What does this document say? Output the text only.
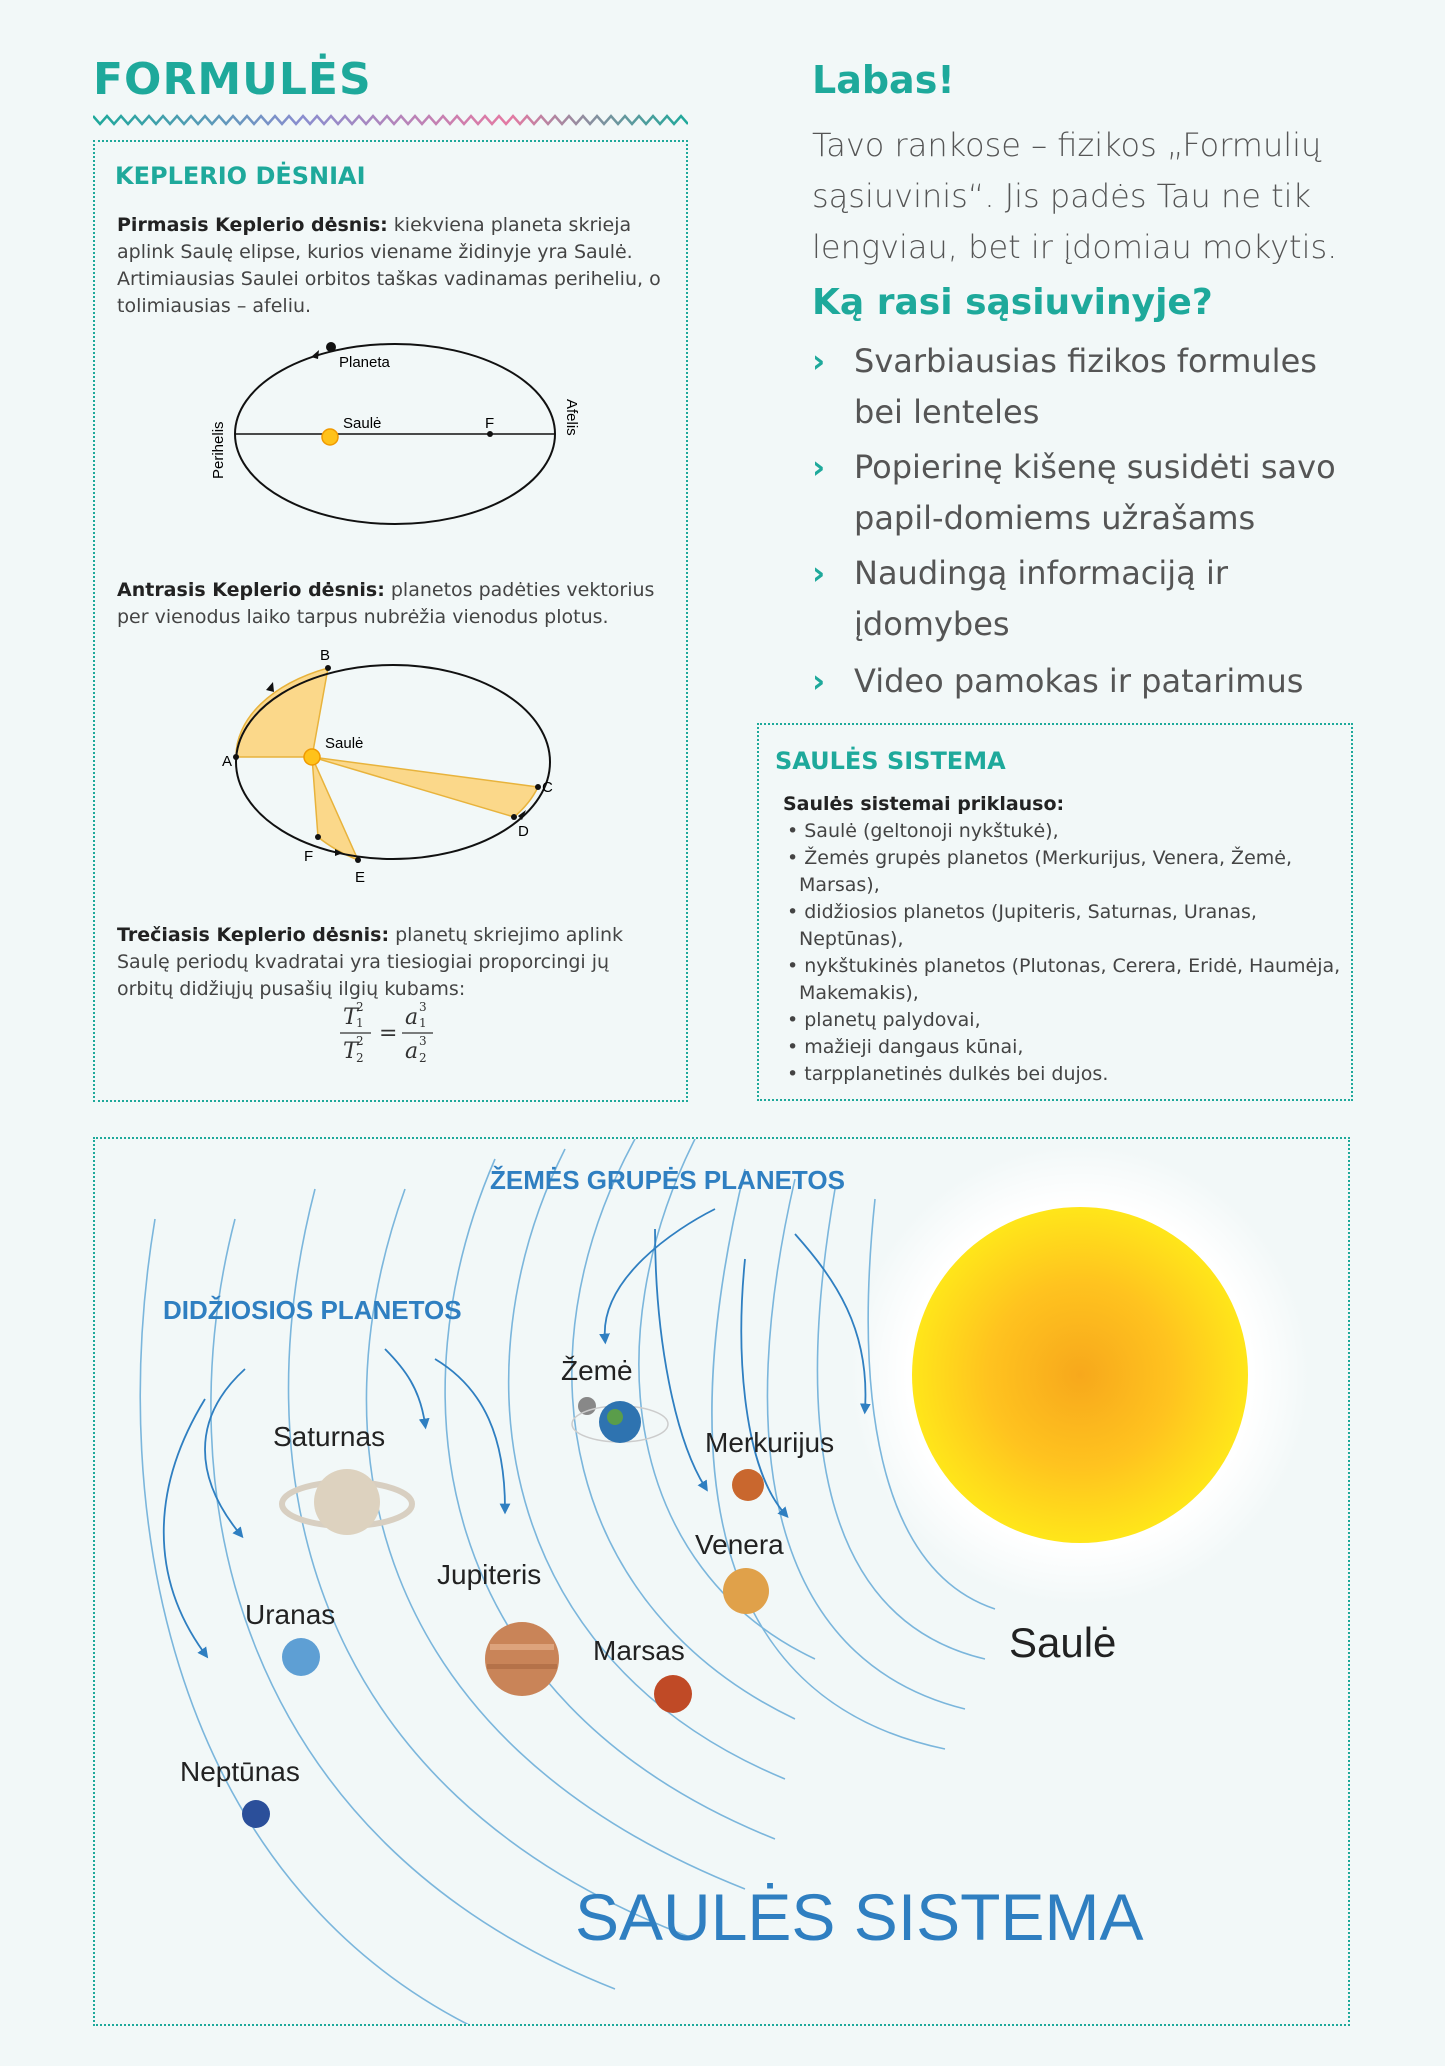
FORMULĖS
KEPLERIO DĖSNIAI
Pirmasis Keplerio dėsnis: kiekviena planeta skrieja aplink Saulę elipse, kurios viename židinyje yra Saulė. Artimiausias Saulei orbitos taškas vadinamas periheliu, o tolimiausias – afeliu.
Planeta
Saulė	F
Perihelis
Afelis
Antrasis Keplerio dėsnis: planetos padėties vektorius per vienodus laiko tarpus nubrėžia vienodus plotus.
A
B
C
D
E
F
Saulė
Trečiasis Keplerio dėsnis: planetų skriejimo aplink Saulę periodų kvadratai yra tiesiogiai proporcingi jų orbitų didžiųjų pusašių ilgių kubams:
T
2
1
T
2
2
=
a 3
1
a 3
2
Labas!
Tavo rankose – fizikos „Formulių sąsiuvinis“. Jis padės Tau ne tik lengviau, bet ir įdomiau mokytis.
Ką rasi sąsiuvinyje?
› Svarbiausias fizikos formules bei lenteles
› Popierinę kišenę susidėti savo papil-domiems užrašams
› Naudingą informaciją ir įdomybes
› Video pamokas ir patarimus
SAULĖS SISTEMA
Saulės sistemai priklauso:
• Saulė (geltonoji nykštukė),
• Žemės grupės planetos (Merkurijus, Venera, Žemė, Marsas),
• didžiosios planetos (Jupiteris, Saturnas, Uranas, Neptūnas),
• nykštukinės planetos (Plutonas, Cerera, Eridė, Haumėja, Makemakis),
• planetų palydovai,
• mažieji dangaus kūnai,
• tarpplanetinės dulkės bei dujos.
ŽEMĖS GRUPĖS PLANETOS
DIDŽIOSIOS PLANETOS
Žemė
Merkurijus
Venera
Marsas
Jupiteris
Saturnas
Uranas
Neptūnas
Saulė
SAULĖS SISTEMA
